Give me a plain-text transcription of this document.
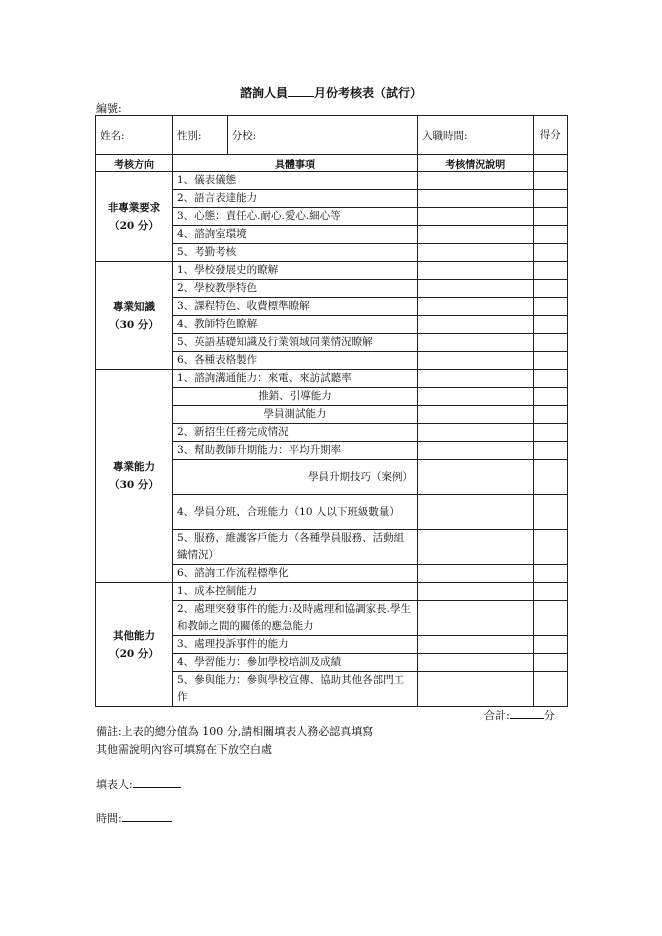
諮詢人員 月份考核表（試行）
編號:
姓名:	性別:	分校:	入職時間:	得分
考核方向	具體事項		考核情況說明	
非專業要求
（20 分）	1、儀表儀態			
	2、語言表達能力			
	3、心態：責任心.耐心.愛心.細心等			
	4、諮詢室環境			
	5、考勤考核			
專業知識
（30 分）	1、學校發展史的瞭解			
	2、學校教學特色			
	3、課程特色、收費標準瞭解			
	4、教師特色瞭解			
	5、英語基礎知識及行業領域同業情況瞭解			
	6、各種表格製作			
專業能力
（30 分）	1、諮詢溝通能力：來電、來訪試聽率			
	推銷、引導能力			
	學員測試能力			
	2、新招生任務完成情況			
	3、幫助教師升期能力：平均升期率			

	學員升期技巧（案例）			

	4、學員分班、合班能力（10 人以下班級數量）			
	5、服務、維護客戶能力（各種學員服務、活動組織情況）			
	6、諮詢工作流程標準化			
其他能力
（20 分）	1、成本控制能力			
	2、處理突發事件的能力:及時處理和協調家長.學生和教師之間的關係的應急能力			
	3、處理投訴事件的能力			
	4、學習能力：參加學校培訓及成績			
	5、參與能力：參與學校宣傳、協助其他各部門工作			
合計:	分
備註:上表的總分值為 100 分,請相關填表人務必認真填寫
其他需說明內容可填寫在下放空白處
填表人:
時間:
